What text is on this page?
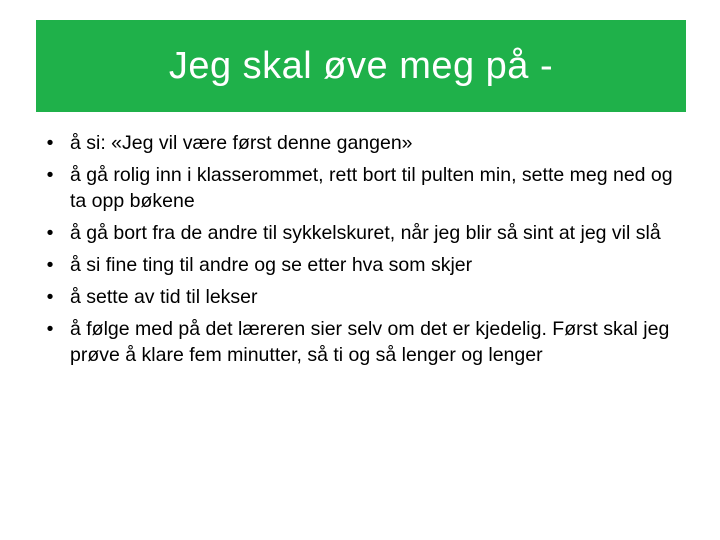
Jeg skal øve meg på -
• å si: «Jeg vil være først denne gangen»
• å gå rolig inn i klasserommet, rett bort til pulten min, sette meg ned og ta opp bøkene
• å gå bort fra de andre til sykkelskuret, når jeg blir så sint at jeg vil slå
• å si fine ting til andre og se etter hva som skjer
• å sette av tid til lekser
• å følge med på det læreren sier selv om det er kjedelig. Først skal jeg prøve å klare fem minutter, så ti og så lenger og lenger
